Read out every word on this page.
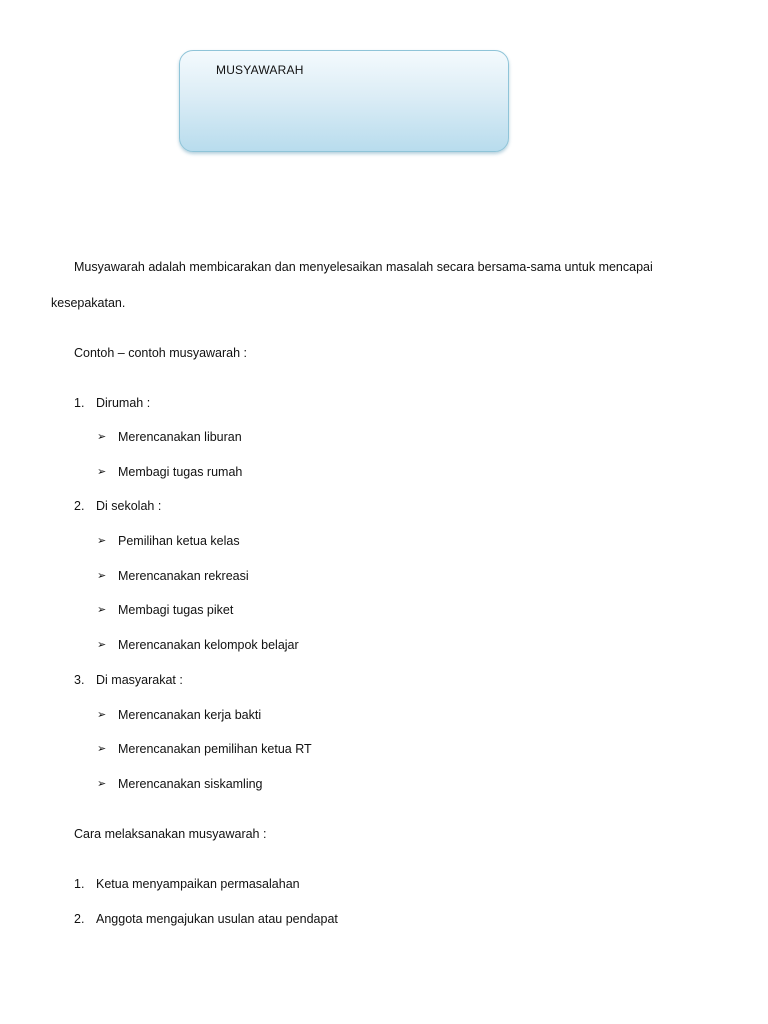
MUSYAWARAH
Musyawarah adalah membicarakan dan menyelesaikan masalah secara bersama-sama untuk mencapai
kesepakatan.
Contoh – contoh musyawarah :
1. Dirumah :
➢ Merencanakan liburan
➢ Membagi tugas rumah
2. Di sekolah :
➢ Pemilihan ketua kelas
➢ Merencanakan rekreasi
➢ Membagi tugas piket
➢ Merencanakan kelompok belajar
3. Di masyarakat :
➢ Merencanakan kerja bakti
➢ Merencanakan pemilihan ketua RT
➢ Merencanakan siskamling
Cara melaksanakan musyawarah :
1. Ketua menyampaikan permasalahan
2. Anggota mengajukan usulan atau pendapat
